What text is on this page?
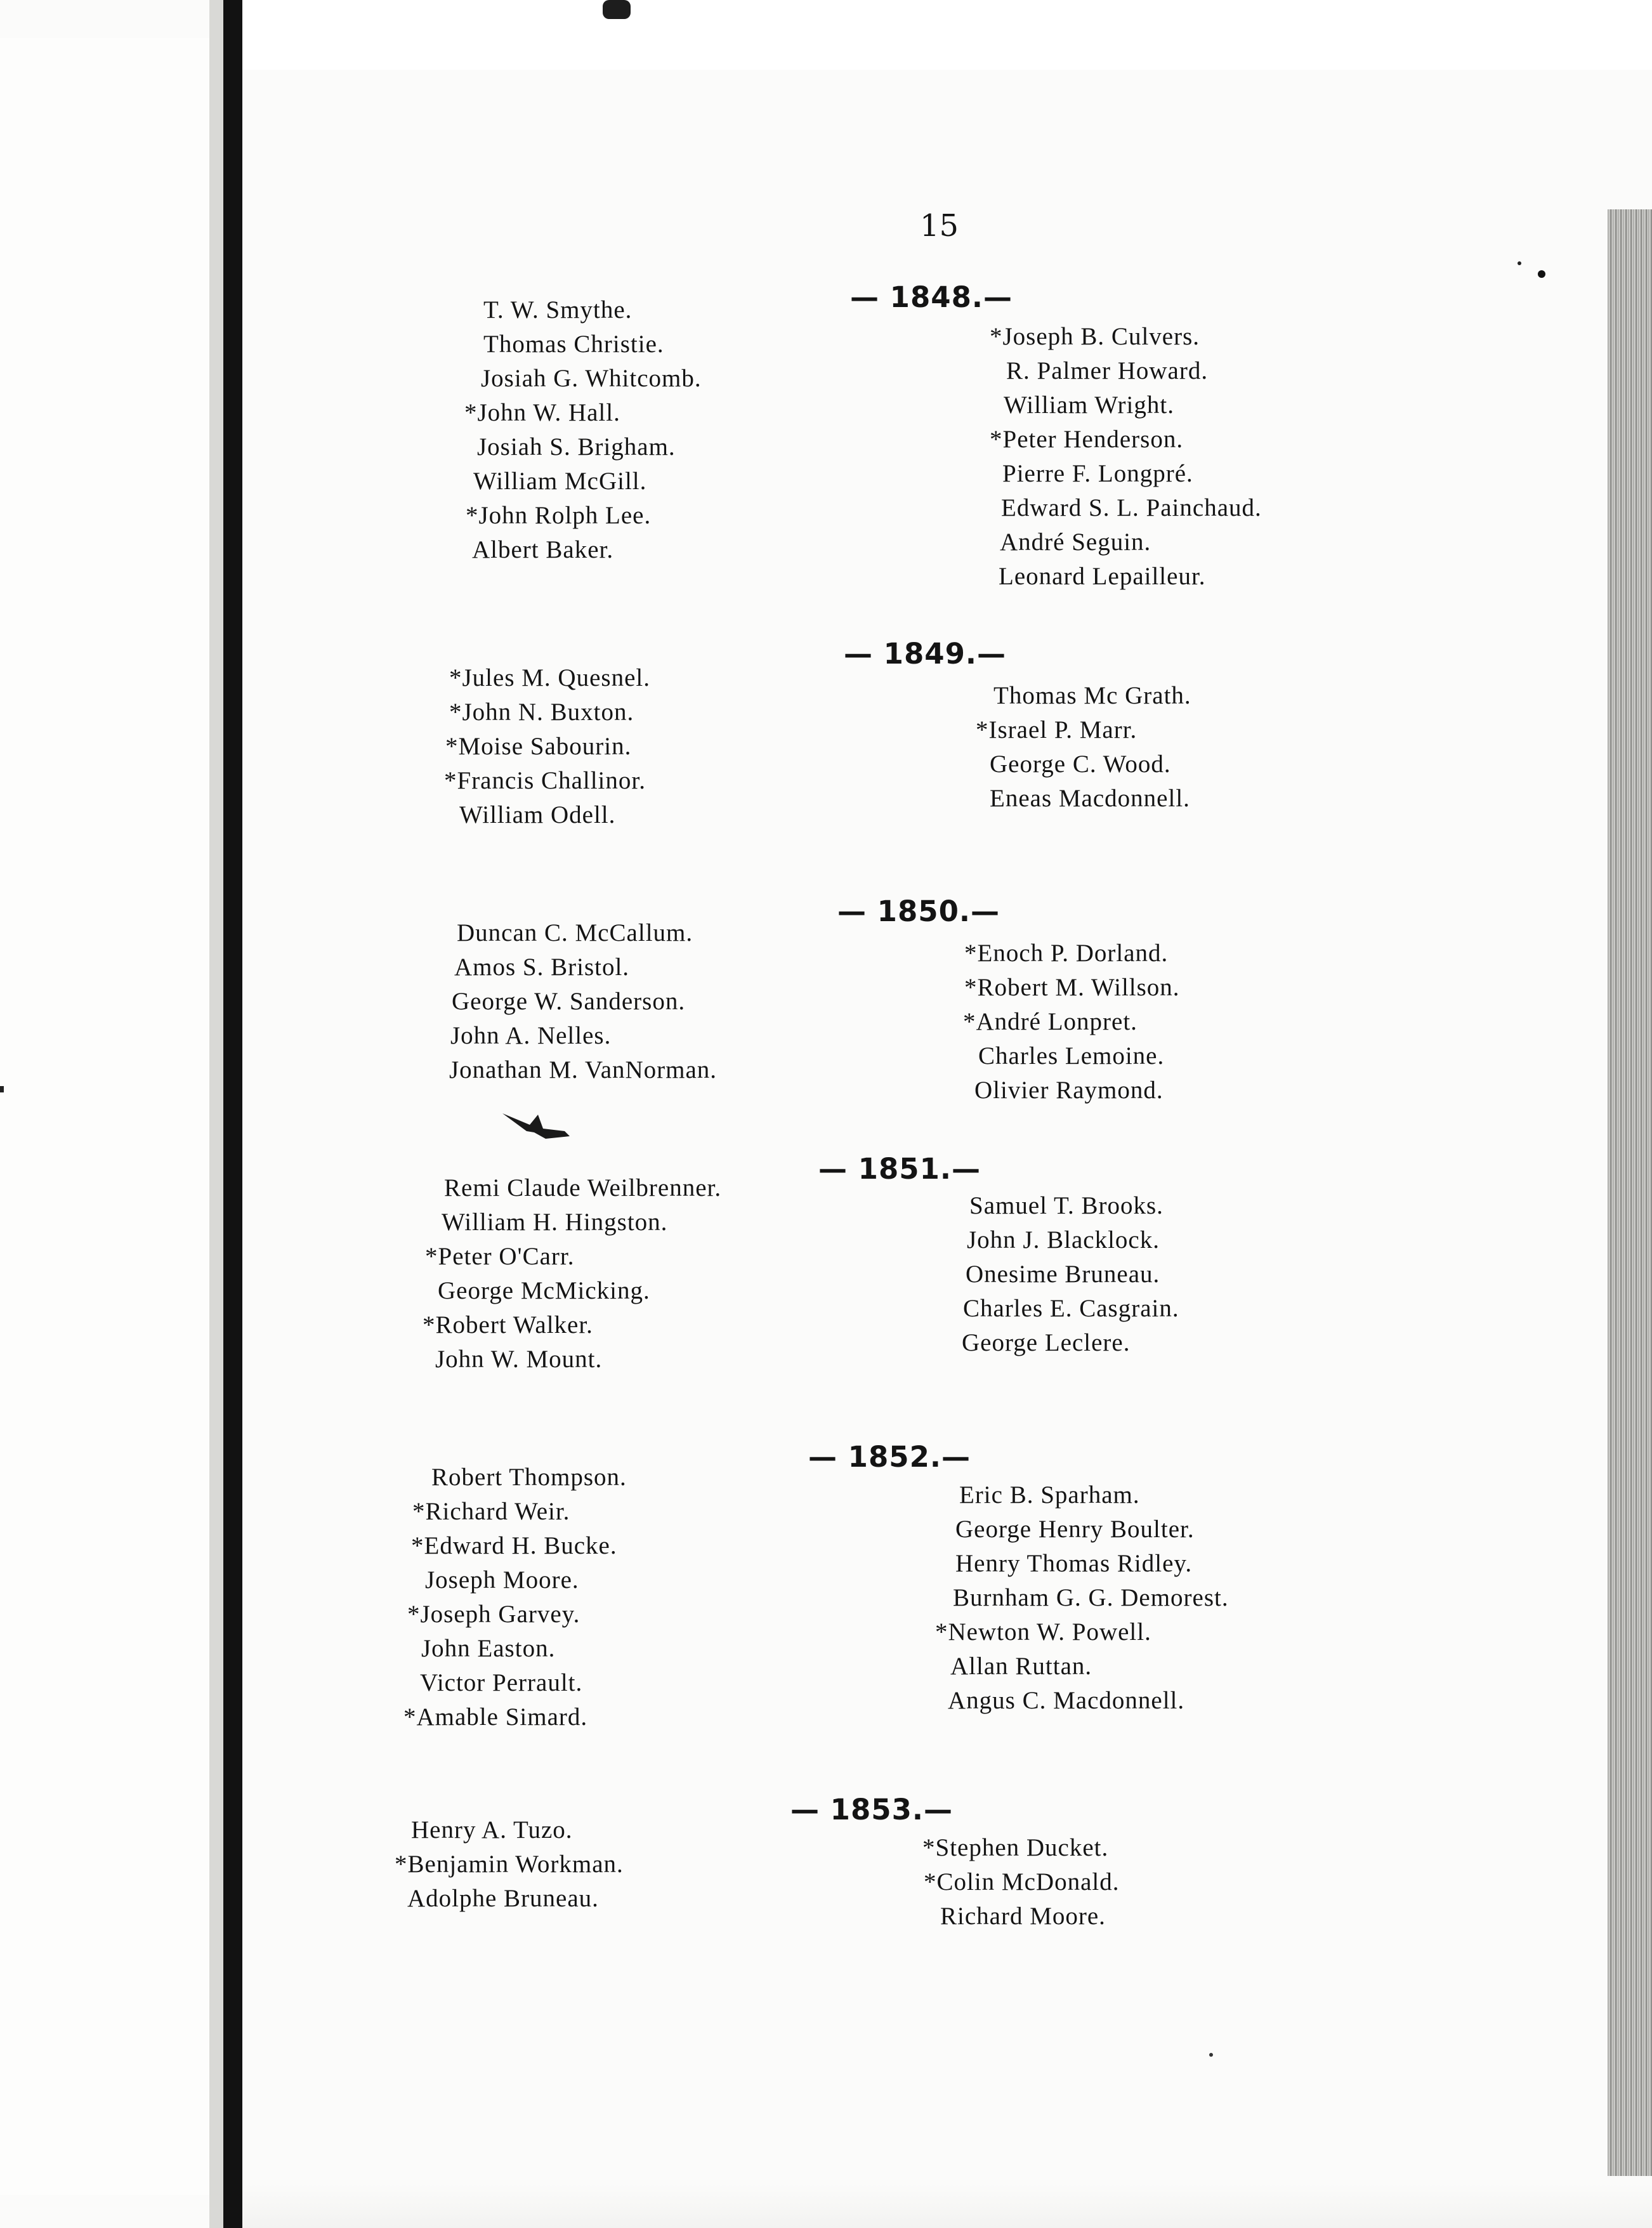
15
— 1848.—
T. W. Smythe.
Thomas Christie.
Josiah G. Whitcomb.
*John W. Hall.
Josiah S. Brigham.
William McGill.
*John Rolph Lee.
Albert Baker.
*Joseph B. Culvers.
R. Palmer Howard.
William Wright.
*Peter Henderson.
Pierre F. Longpré.
Edward S. L. Painchaud.
André Seguin.
Leonard Lepailleur.
— 1849.—
*Jules M. Quesnel.
*John N. Buxton.
*Moise Sabourin.
*Francis Challinor.
William Odell.
Thomas Mc Grath.
*Israel P. Marr.
George C. Wood.
Eneas Macdonnell.
— 1850.—
Duncan C. McCallum.
Amos S. Bristol.
George W. Sanderson.
John A. Nelles.
Jonathan M. VanNorman.
*Enoch P. Dorland.
*Robert M. Willson.
*André Lonpret.
Charles Lemoine.
Olivier Raymond.
— 1851.—
Remi Claude Weilbrenner.
William H. Hingston.
*Peter O'Carr.
George McMicking.
*Robert Walker.
John W. Mount.
Samuel T. Brooks.
John J. Blacklock.
Onesime Bruneau.
Charles E. Casgrain.
George Leclere.
— 1852.—
Robert Thompson.
*Richard Weir.
*Edward H. Bucke.
Joseph Moore.
*Joseph Garvey.
John Easton.
Victor Perrault.
*Amable Simard.
Eric B. Sparham.
George Henry Boulter.
Henry Thomas Ridley.
Burnham G. G. Demorest.
*Newton W. Powell.
Allan Ruttan.
Angus C. Macdonnell.
— 1853.—
Henry A. Tuzo.
*Benjamin Workman.
Adolphe Bruneau.
*Stephen Ducket.
*Colin McDonald.
Richard Moore.
